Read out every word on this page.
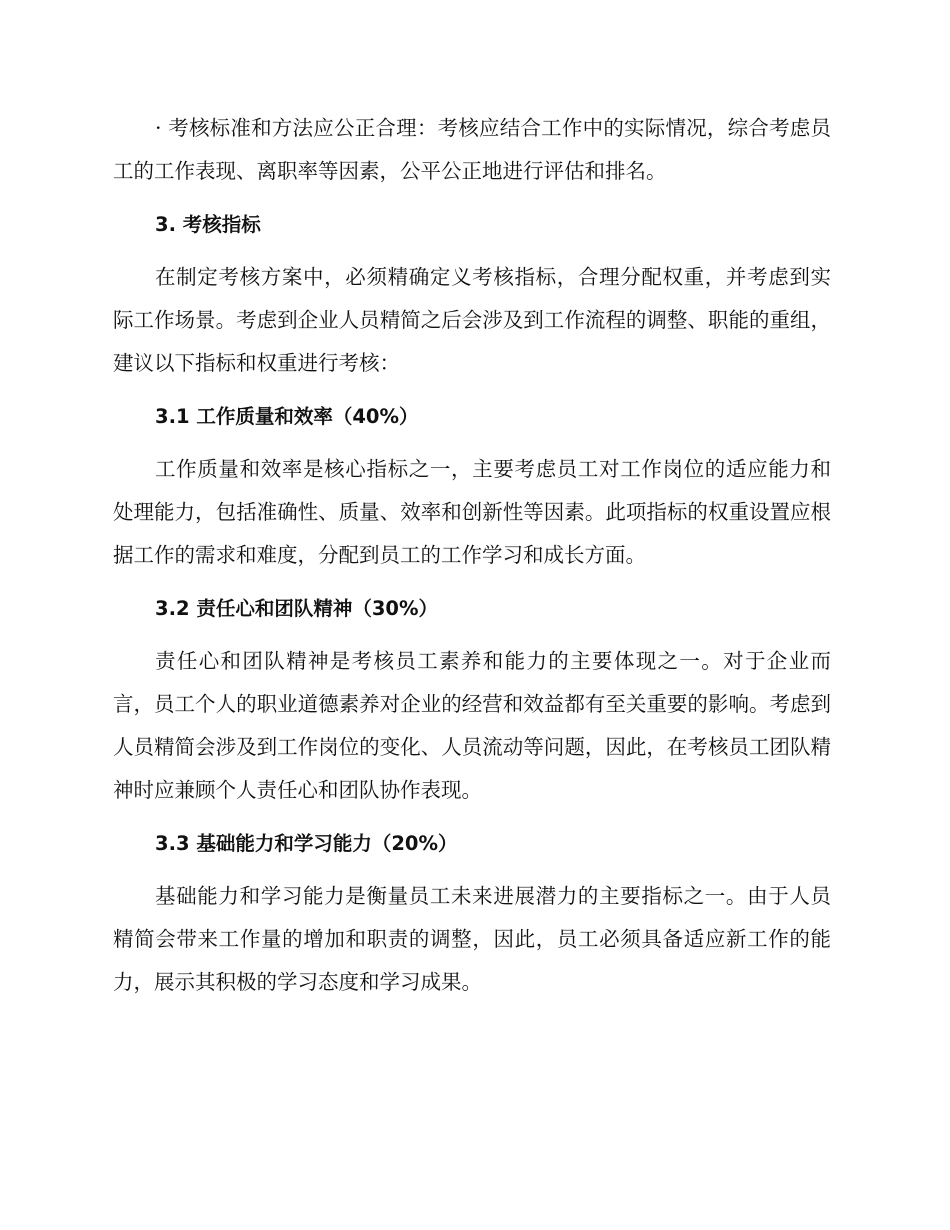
· 考核标准和方法应公正合理：考核应结合工作中的实际情况，综合考虑员工的工作表现、离职率等因素，公平公正地进行评估和排名。

3. 考核指标

在制定考核方案中，必须精确定义考核指标，合理分配权重，并考虑到实际工作场景。考虑到企业人员精简之后会涉及到工作流程的调整、职能的重组，建议以下指标和权重进行考核：

3.1 工作质量和效率（40%）

工作质量和效率是核心指标之一，主要考虑员工对工作岗位的适应能力和处理能力，包括准确性、质量、效率和创新性等因素。此项指标的权重设置应根据工作的需求和难度，分配到员工的工作学习和成长方面。

3.2 责任心和团队精神（30%）

责任心和团队精神是考核员工素养和能力的主要体现之一。对于企业而言，员工个人的职业道德素养对企业的经营和效益都有至关重要的影响。考虑到人员精简会涉及到工作岗位的变化、人员流动等问题，因此，在考核员工团队精神时应兼顾个人责任心和团队协作表现。

3.3 基础能力和学习能力（20%）

基础能力和学习能力是衡量员工未来进展潜力的主要指标之一。由于人员精简会带来工作量的增加和职责的调整，因此，员工必须具备适应新工作的能力，展示其积极的学习态度和学习成果。
